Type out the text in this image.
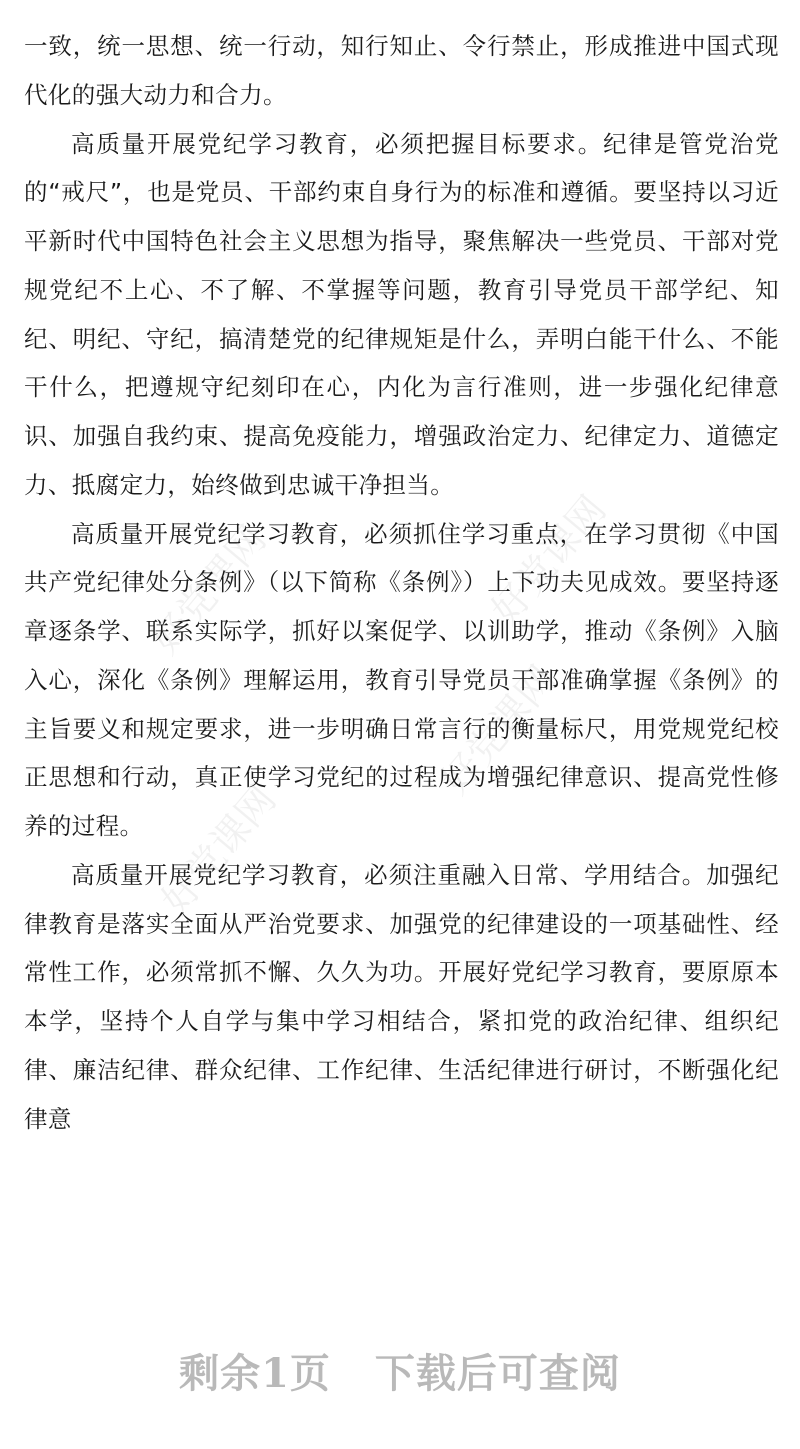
好党课网	好党课网
好党课网
好党课网

一致，统一思想、统一行动，知行知止、令行禁止，形成推进中国式现代化的强大动力和合力。

高质量开展党纪学习教育，必须把握目标要求。纪律是管党治党的“戒尺”，也是党员、干部约束自身行为的标准和遵循。要坚持以习近平新时代中国特色社会主义思想为指导，聚焦解决一些党员、干部对党规党纪不上心、不了解、不掌握等问题，教育引导党员干部学纪、知纪、明纪、守纪，搞清楚党的纪律规矩是什么，弄明白能干什么、不能干什么，把遵规守纪刻印在心，内化为言行准则，进一步强化纪律意识、加强自我约束、提高免疫能力，增强政治定力、纪律定力、道德定力、抵腐定力，始终做到忠诚干净担当。

高质量开展党纪学习教育，必须抓住学习重点，在学习贯彻《中国共产党纪律处分条例》（以下简称《条例》）上下功夫见成效。要坚持逐章逐条学、联系实际学，抓好以案促学、以训助学，推动《条例》入脑入心，深化《条例》理解运用，教育引导党员干部准确掌握《条例》的主旨要义和规定要求，进一步明确日常言行的衡量标尺，用党规党纪校正思想和行动，真正使学习党纪的过程成为增强纪律意识、提高党性修养的过程。

高质量开展党纪学习教育，必须注重融入日常、学用结合。加强纪律教育是落实全面从严治党要求、加强党的纪律建设的一项基础性、经常性工作，必须常抓不懈、久久为功。开展好党纪学习教育，要原原本本学，坚持个人自学与集中学习相结合，紧扣党的政治纪律、组织纪律、廉洁纪律、群众纪律、工作纪律、生活纪律进行研讨，不断强化纪律意

剩余1页 下载后可查阅
